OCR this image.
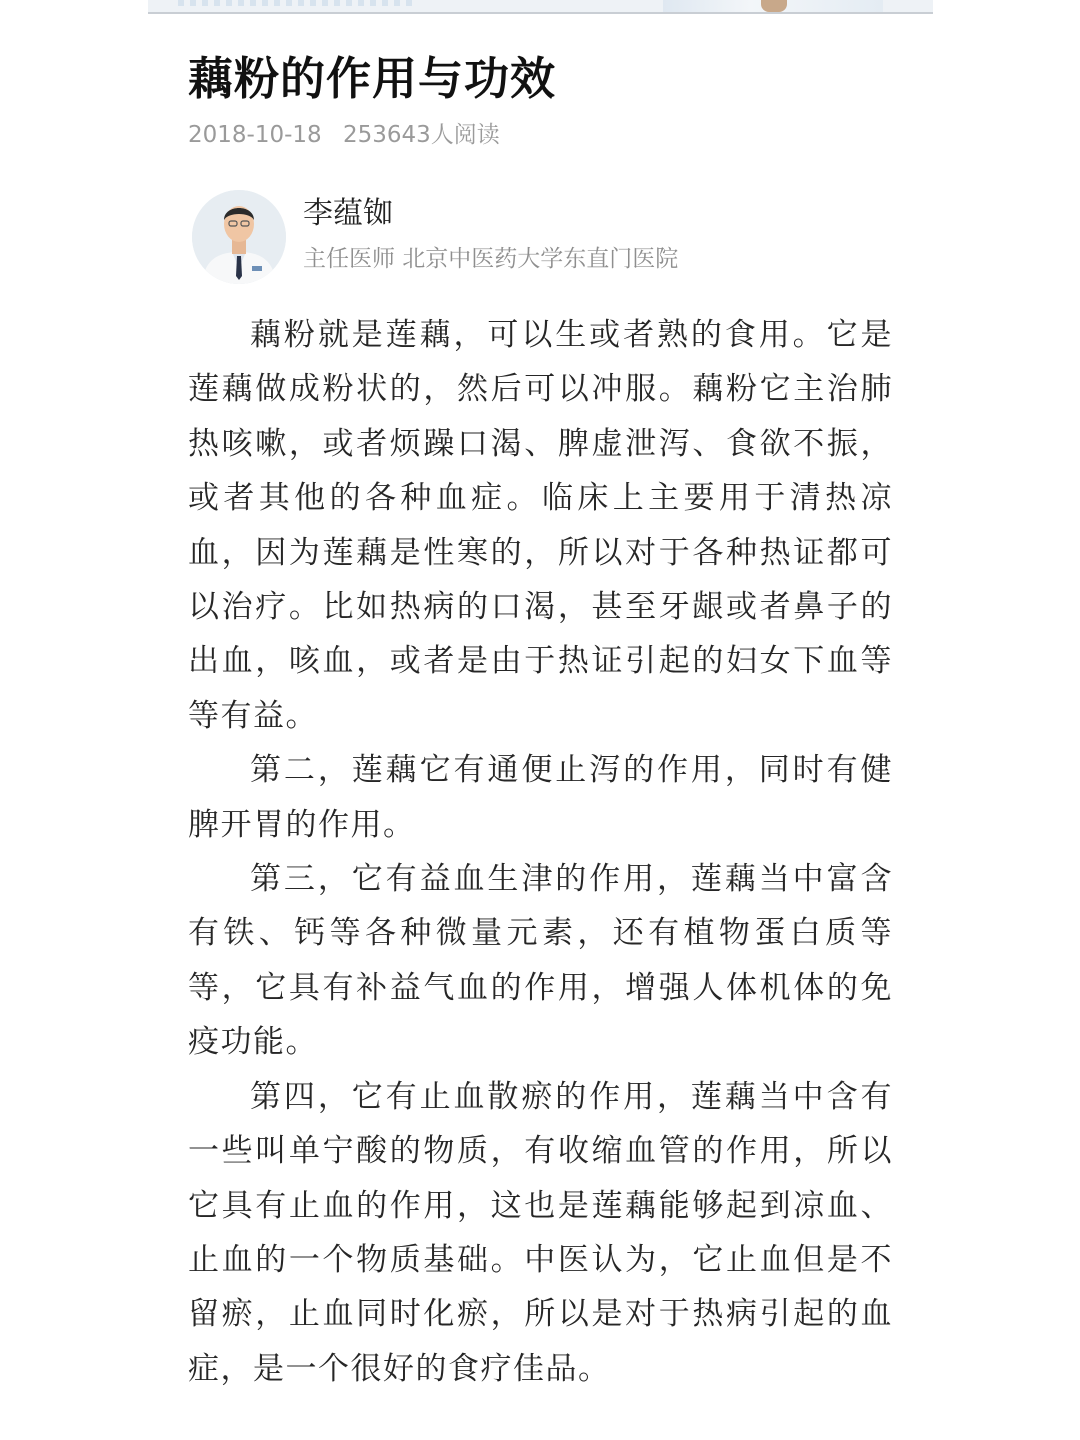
藕粉的作用与功效
2018-10-18 253643人阅读
李蕴铷
主任医师 北京中医药大学东直门医院

藕粉就是莲藕，可以生或者熟的食用。它是莲藕做成粉状的，然后可以冲服。藕粉它主治肺热咳嗽，或者烦躁口渴、脾虚泄泻、食欲不振，或者其他的各种血症。临床上主要用于清热凉血，因为莲藕是性寒的，所以对于各种热证都可以治疗。比如热病的口渴，甚至牙龈或者鼻子的出血，咳血，或者是由于热证引起的妇女下血等等有益。

第二，莲藕它有通便止泻的作用，同时有健脾开胃的作用。

第三，它有益血生津的作用，莲藕当中富含有铁、钙等各种微量元素，还有植物蛋白质等等，它具有补益气血的作用，增强人体机体的免疫功能。

第四，它有止血散瘀的作用，莲藕当中含有一些叫单宁酸的物质，有收缩血管的作用，所以它具有止血的作用，这也是莲藕能够起到凉血、止血的一个物质基础。中医认为，它止血但是不留瘀，止血同时化瘀，所以是对于热病引起的血症，是一个很好的食疗佳品。
